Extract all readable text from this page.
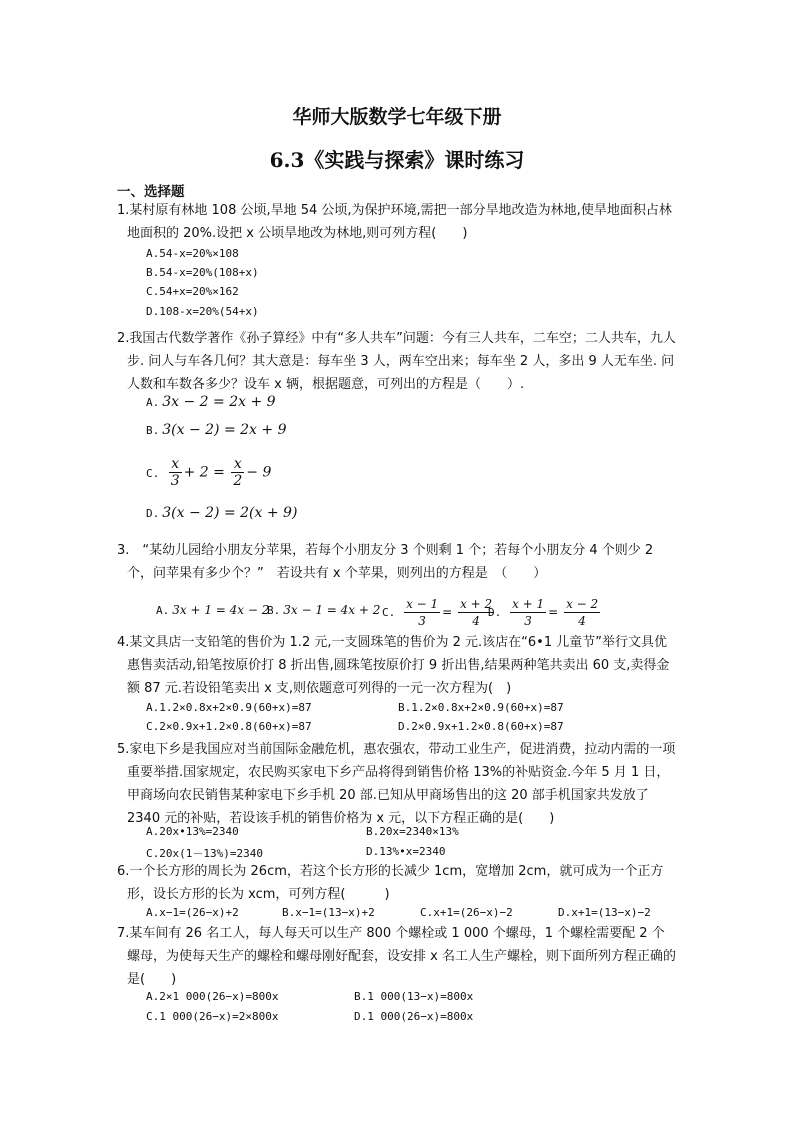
华师大版数学七年级下册
6.3《实践与探索》课时练习
一、选择题
1.某村原有林地 108 公顷,旱地 54 公顷,为保护环境,需把一部分旱地改造为林地,使旱地面积占林地面积的 20%.设把 x 公顷旱地改为林地,则可列方程(　　)
A.54-x=20%×108
B.54-x=20%(108+x)
C.54+x=20%×162
D.108-x=20%(54+x)
2.我国古代数学著作《孙子算经》中有“多人共车”问题：今有三人共车，二车空；二人共车，九人步. 问人与车各几何？其大意是：每车坐 3 人，两车空出来；每车坐 2 人，多出 9 人无车坐. 问人数和车数各多少？设车 x 辆，根据题意，可列出的方程是（　　）.
A. 3x − 2 = 2x + 9
B. 3(x − 2) = 2x + 9
C. $\frac{x}{3} + 2 = \frac{x}{2} - 9$
D. 3(x − 2) = 2(x + 9)
3.　“某幼儿园给小朋友分苹果，若每个小朋友分 3 个则剩 1 个；若每个小朋友分 4 个则少 2 个，问苹果有多少个？”　若设共有 x 个苹果，则列出的方程是　（　　）
A. 3x + 1 = 4x − 2
B. 3x − 1 = 4x + 2 C. $\frac{x - 1}{3} = \frac{x + 2}{4}$
D. $\frac{x + 1}{3} = \frac{x - 2}{4}$
4.某文具店一支铅笔的售价为 1.2 元,一支圆珠笔的售价为 2 元.该店在“6•1 儿童节”举行文具优惠售卖活动,铅笔按原价打 8 折出售,圆珠笔按原价打 9 折出售,结果两种笔共卖出 60 支,卖得金额 87 元.若设铅笔卖出 x 支,则依题意可列得的一元一次方程为(　)
A.1.2×0.8x+2×0.9(60+x)=87	B.1.2×0.8x+2×0.9(60+x)=87
C.2×0.9x+1.2×0.8(60+x)=87	D.2×0.9x+1.2×0.8(60+x)=87
5.家电下乡是我国应对当前国际金融危机，惠农强农，带动工业生产，促进消费，拉动内需的一项重要举措.国家规定，农民购买家电下乡产品将得到销售价格 13%的补贴资金.今年 5 月 1 日，甲商场向农民销售某种家电下乡手机 20 部.已知从甲商场售出的这 20 部手机国家共发放了 2340 元的补贴，若设该手机的销售价格为 x 元，以下方程正确的是(　　)
A.20x•13%=2340	B.20x=2340×13%
C.20x(1－13%)=2340	D.13%•x=2340
6.一个长方形的周长为 26cm，若这个长方形的长减少 1cm，宽增加 2cm，就可成为一个正方形，设长方形的长为 xcm，可列方程(　　　)
A.x−1=(26−x)+2	B.x−1=(13−x)+2	C.x+1=(26−x)−2	D.x+1=(13−x)−2
7.某车间有 26 名工人，每人每天可以生产 800 个螺栓或 1 000 个螺母，1 个螺栓需要配 2 个螺母，为使每天生产的螺栓和螺母刚好配套，设安排 x 名工人生产螺栓，则下面所列方程正确的是(　　)
A.2×1 000(26−x)=800x	B.1 000(13−x)=800x
C.1 000(26−x)=2×800x	D.1 000(26−x)=800x
